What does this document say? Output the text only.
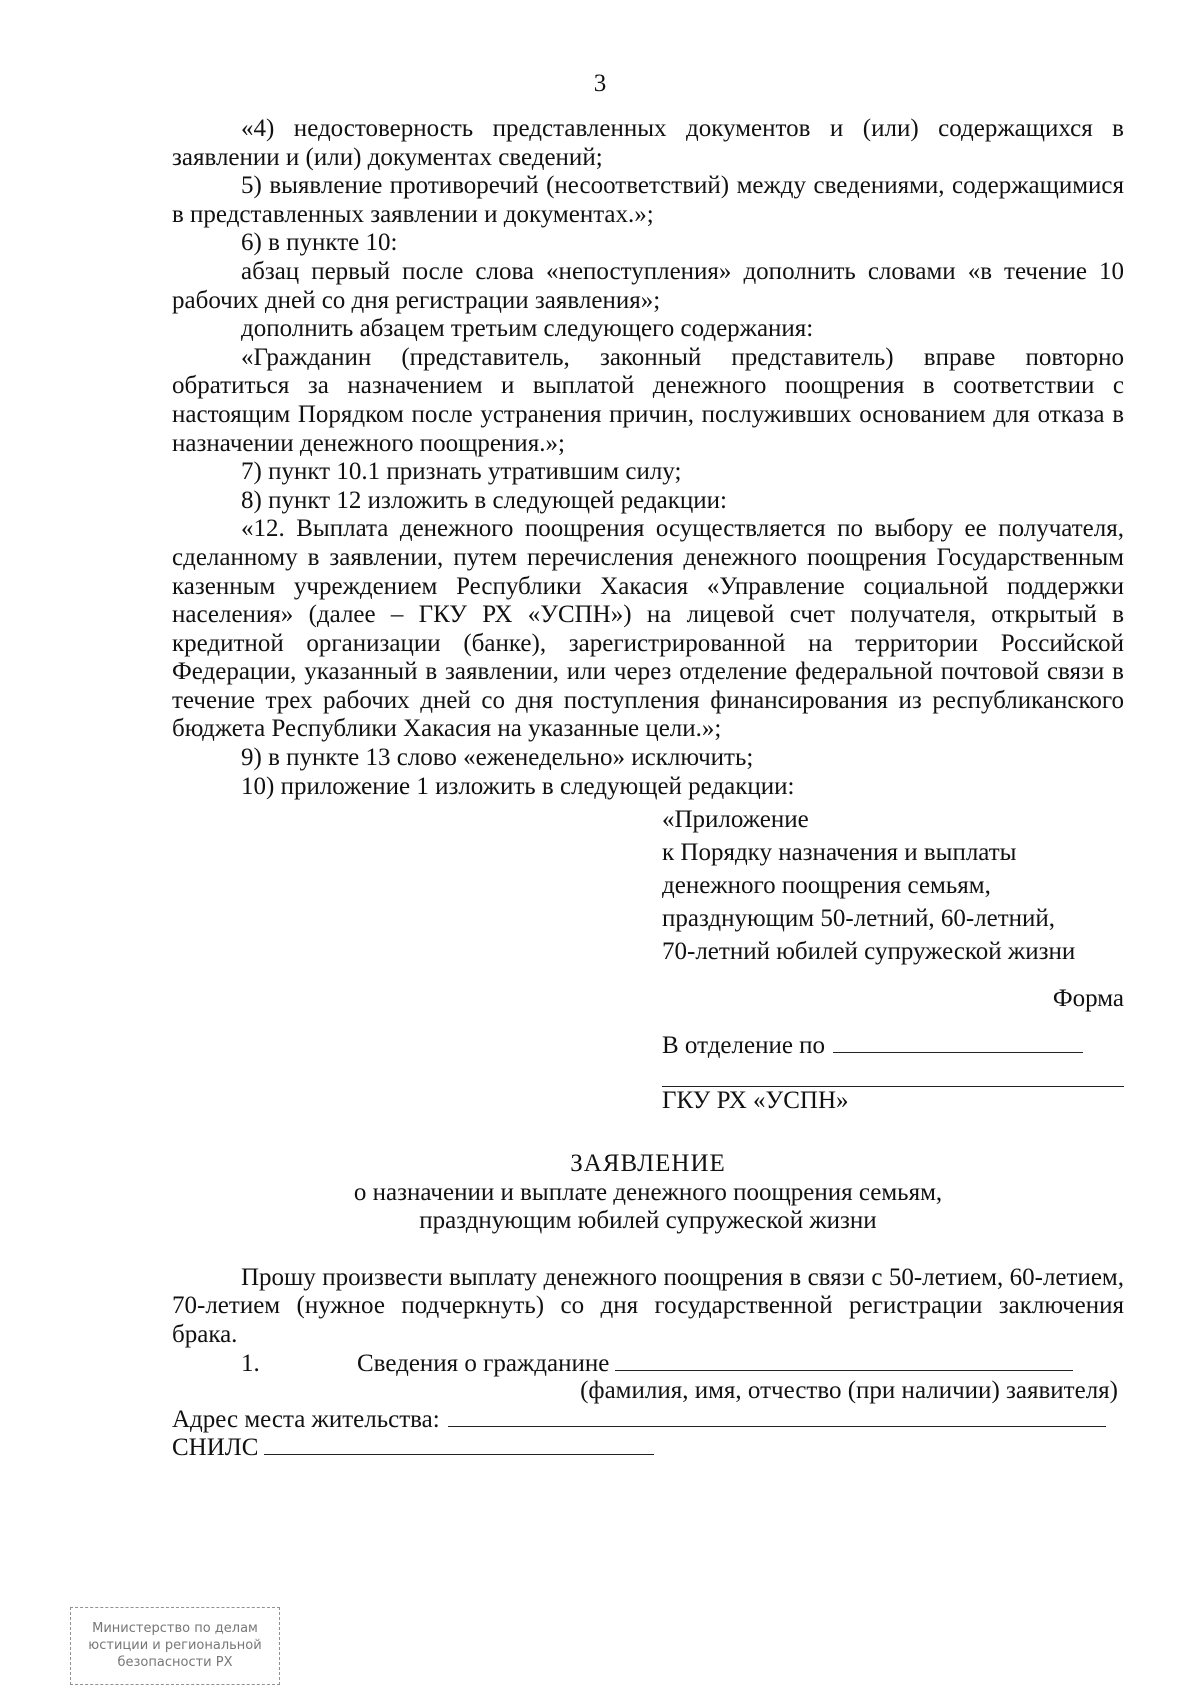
3

«4) недостоверность представленных документов и (или) содержащихся в заявлении и (или) документах сведений;

5) выявление противоречий (несоответствий) между сведениями, содержащимися в представленных заявлении и документах.»;

6) в пункте 10:

абзац первый после слова «непоступления» дополнить словами «в течение 10 рабочих дней со дня регистрации заявления»;

дополнить абзацем третьим следующего содержания:

«Гражданин (представитель, законный представитель) вправе повторно обратиться за назначением и выплатой денежного поощрения в соответствии с настоящим Порядком после устранения причин, послуживших основанием для отказа в назначении денежного поощрения.»;

7) пункт 10.1 признать утратившим силу;

8) пункт 12 изложить в следующей редакции:

«12. Выплата денежного поощрения осуществляется по выбору ее получателя, сделанному в заявлении, путем перечисления денежного поощрения Государственным казенным учреждением Республики Хакасия «Управление социальной поддержки населения» (далее – ГКУ РХ «УСПН») на лицевой счет получателя, открытый в кредитной организации (банке), зарегистрированной на территории Российской Федерации, указанный в заявлении, или через отделение федеральной почтовой связи в течение трех рабочих дней со дня поступления финансирования из республиканского бюджета Республики Хакасия на указанные цели.»;

9) в пункте 13 слово «еженедельно» исключить;

10) приложение 1 изложить в следующей редакции:

«Приложение
к Порядку назначения и выплаты
денежного поощрения семьям,
празднующим 50-летний, 60-летний,
70-летний юбилей супружеской жизни
Форма
В отделение по
ГКУ РХ «УСПН»
ЗАЯВЛЕНИЕ
о назначении и выплате денежного поощрения семьям,
празднующим юбилей супружеской жизни

Прошу произвести выплату денежного поощрения в связи с 50-летием, 60-летием, 70-летием (нужное подчеркнуть) со дня государственной регистрации заключения брака.

1.	Сведения о гражданине
(фамилия, имя, отчество (при наличии) заявителя)
Адрес места жительства:
СНИЛС
Министерство по делам
юстиции и региональной
безопасности РХ
